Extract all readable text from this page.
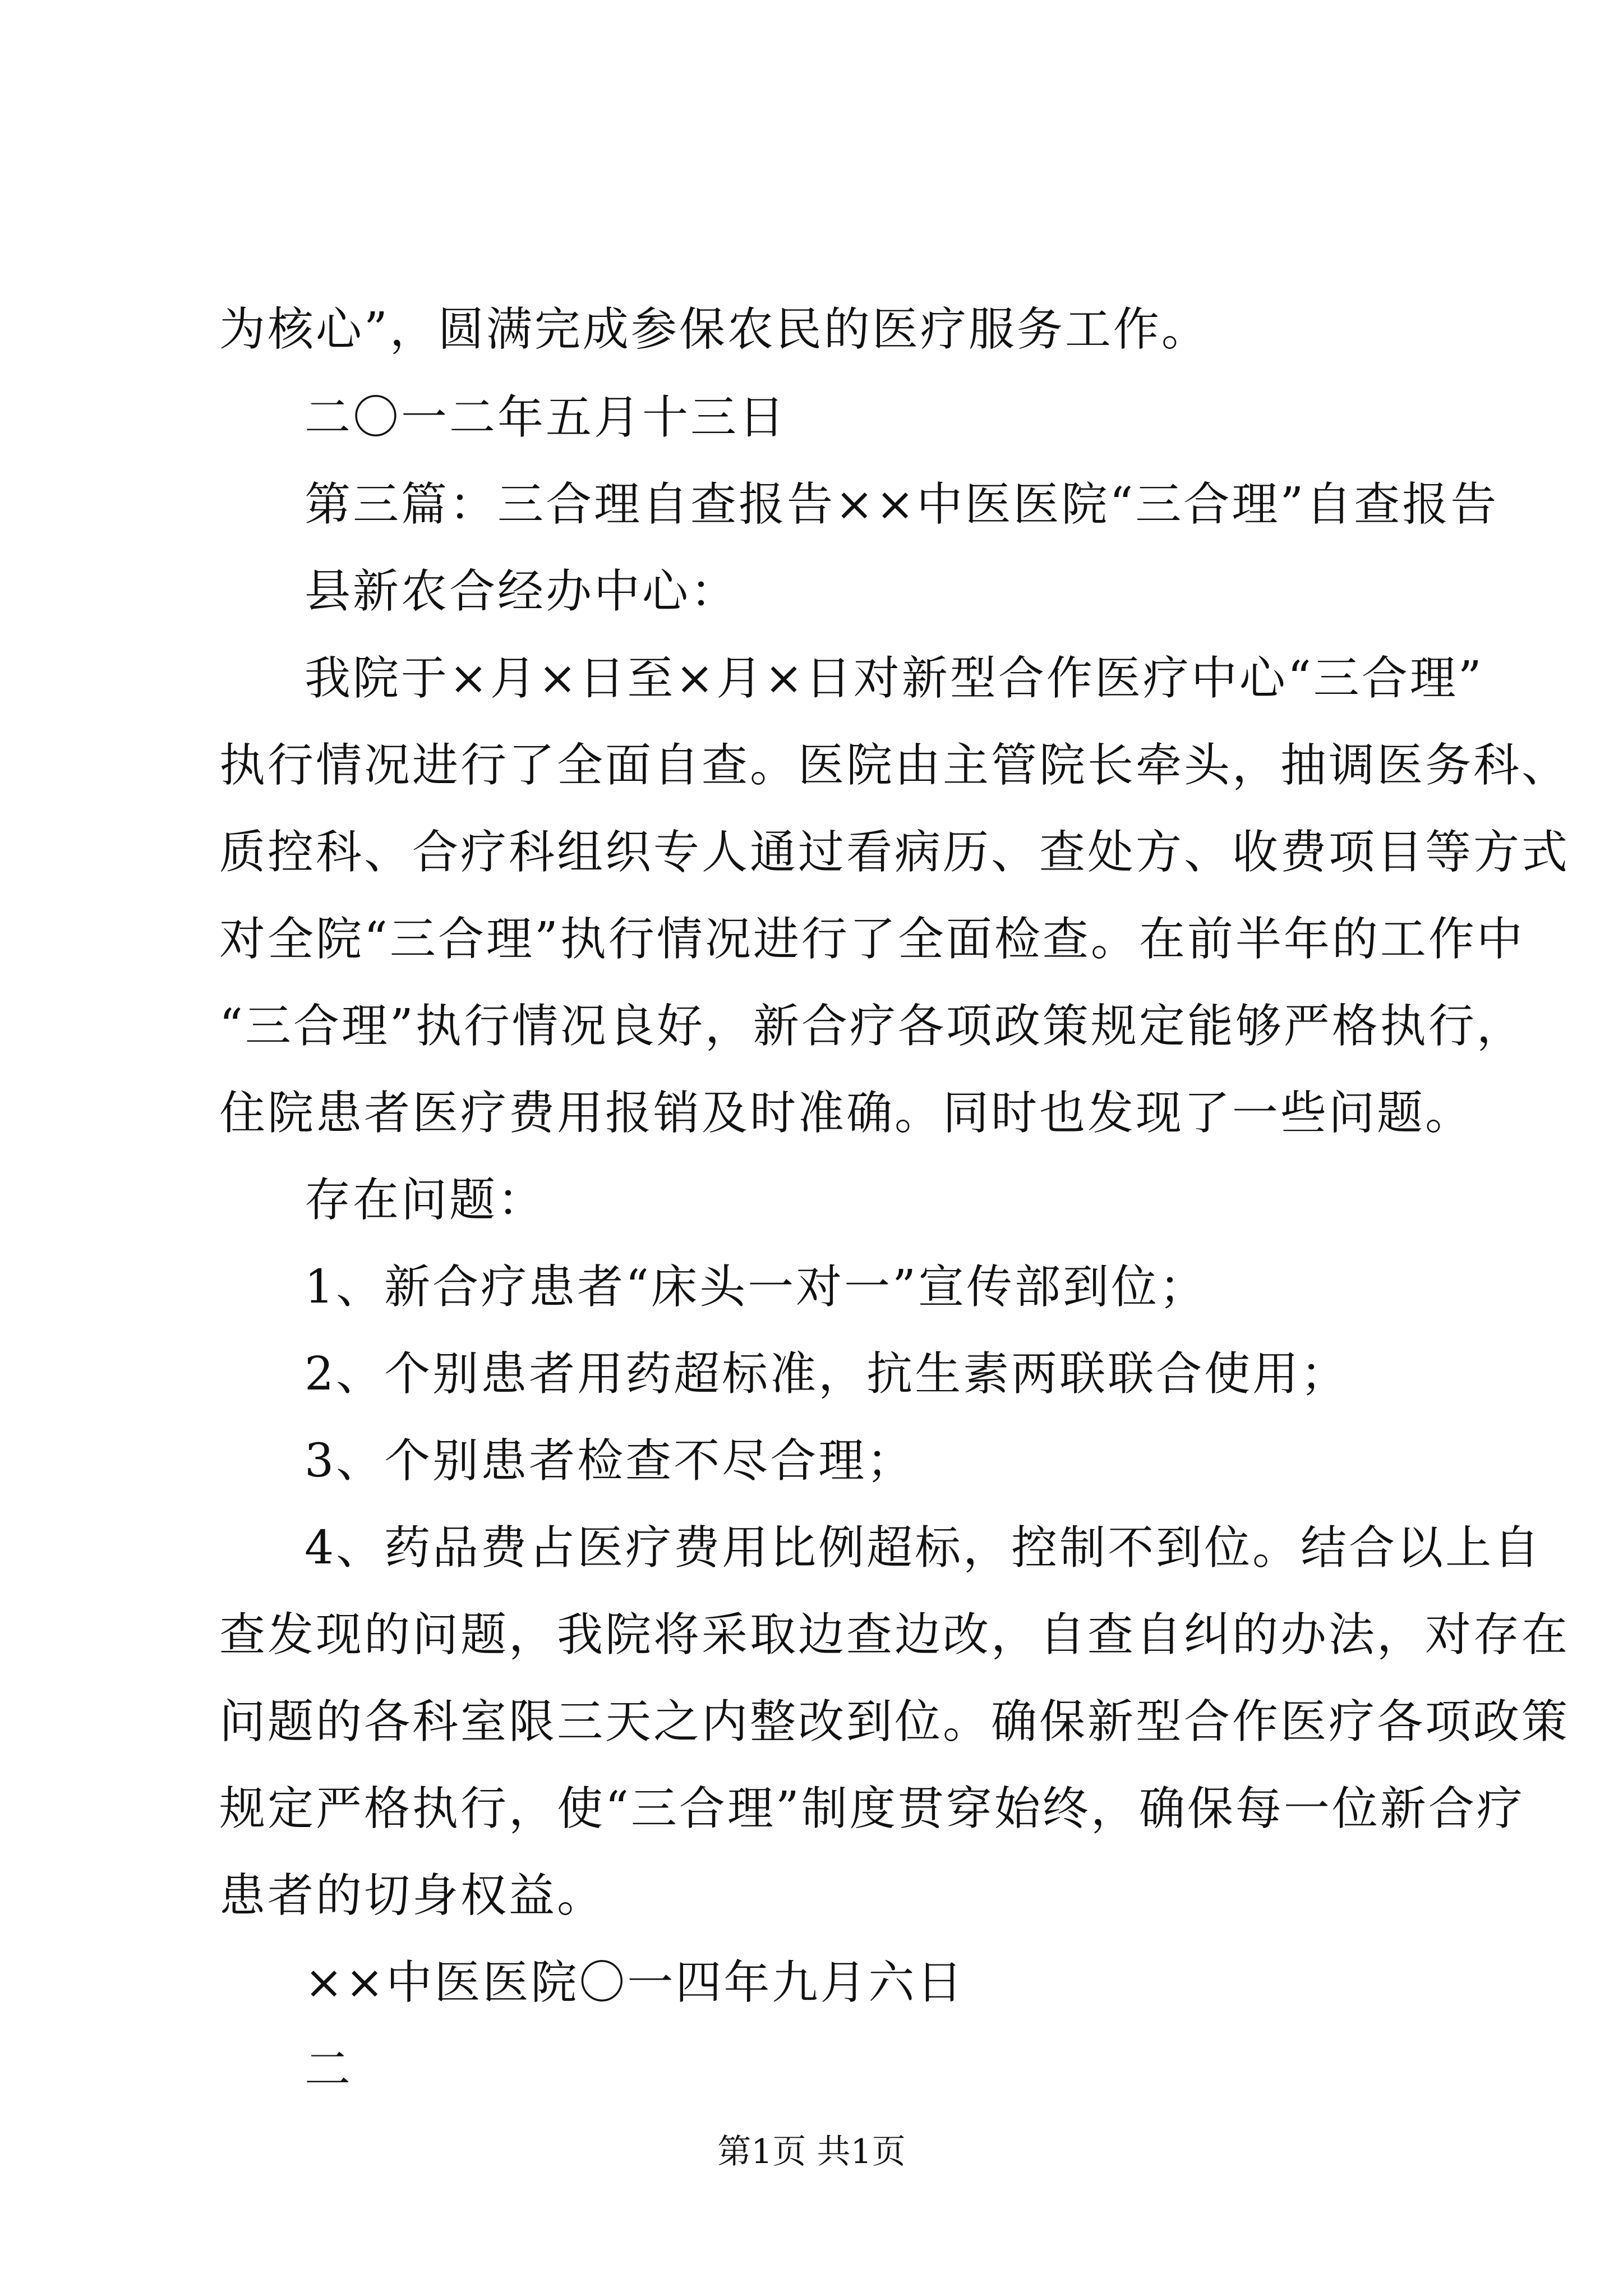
为核心”，圆满完成参保农民的医疗服务工作。
二〇一二年五月十三日
第三篇：三合理自查报告××中医医院“三合理”自查报告
县新农合经办中心：
我院于×月×日至×月×日对新型合作医疗中心“三合理”
执行情况进行了全面自查。医院由主管院长牵头，抽调医务科、
质控科、合疗科组织专人通过看病历、查处方、收费项目等方式
对全院“三合理”执行情况进行了全面检查。在前半年的工作中
“三合理”执行情况良好，新合疗各项政策规定能够严格执行，
住院患者医疗费用报销及时准确。同时也发现了一些问题。
存在问题：
1、新合疗患者“床头一对一”宣传部到位；
2、个别患者用药超标准，抗生素两联联合使用；
3、个别患者检查不尽合理；
4、药品费占医疗费用比例超标，控制不到位。结合以上自
查发现的问题，我院将采取边查边改，自查自纠的办法，对存在
问题的各科室限三天之内整改到位。确保新型合作医疗各项政策
规定严格执行，使“三合理”制度贯穿始终，确保每一位新合疗
患者的切身权益。
××中医医院〇一四年九月六日
二
第1页 共1页
